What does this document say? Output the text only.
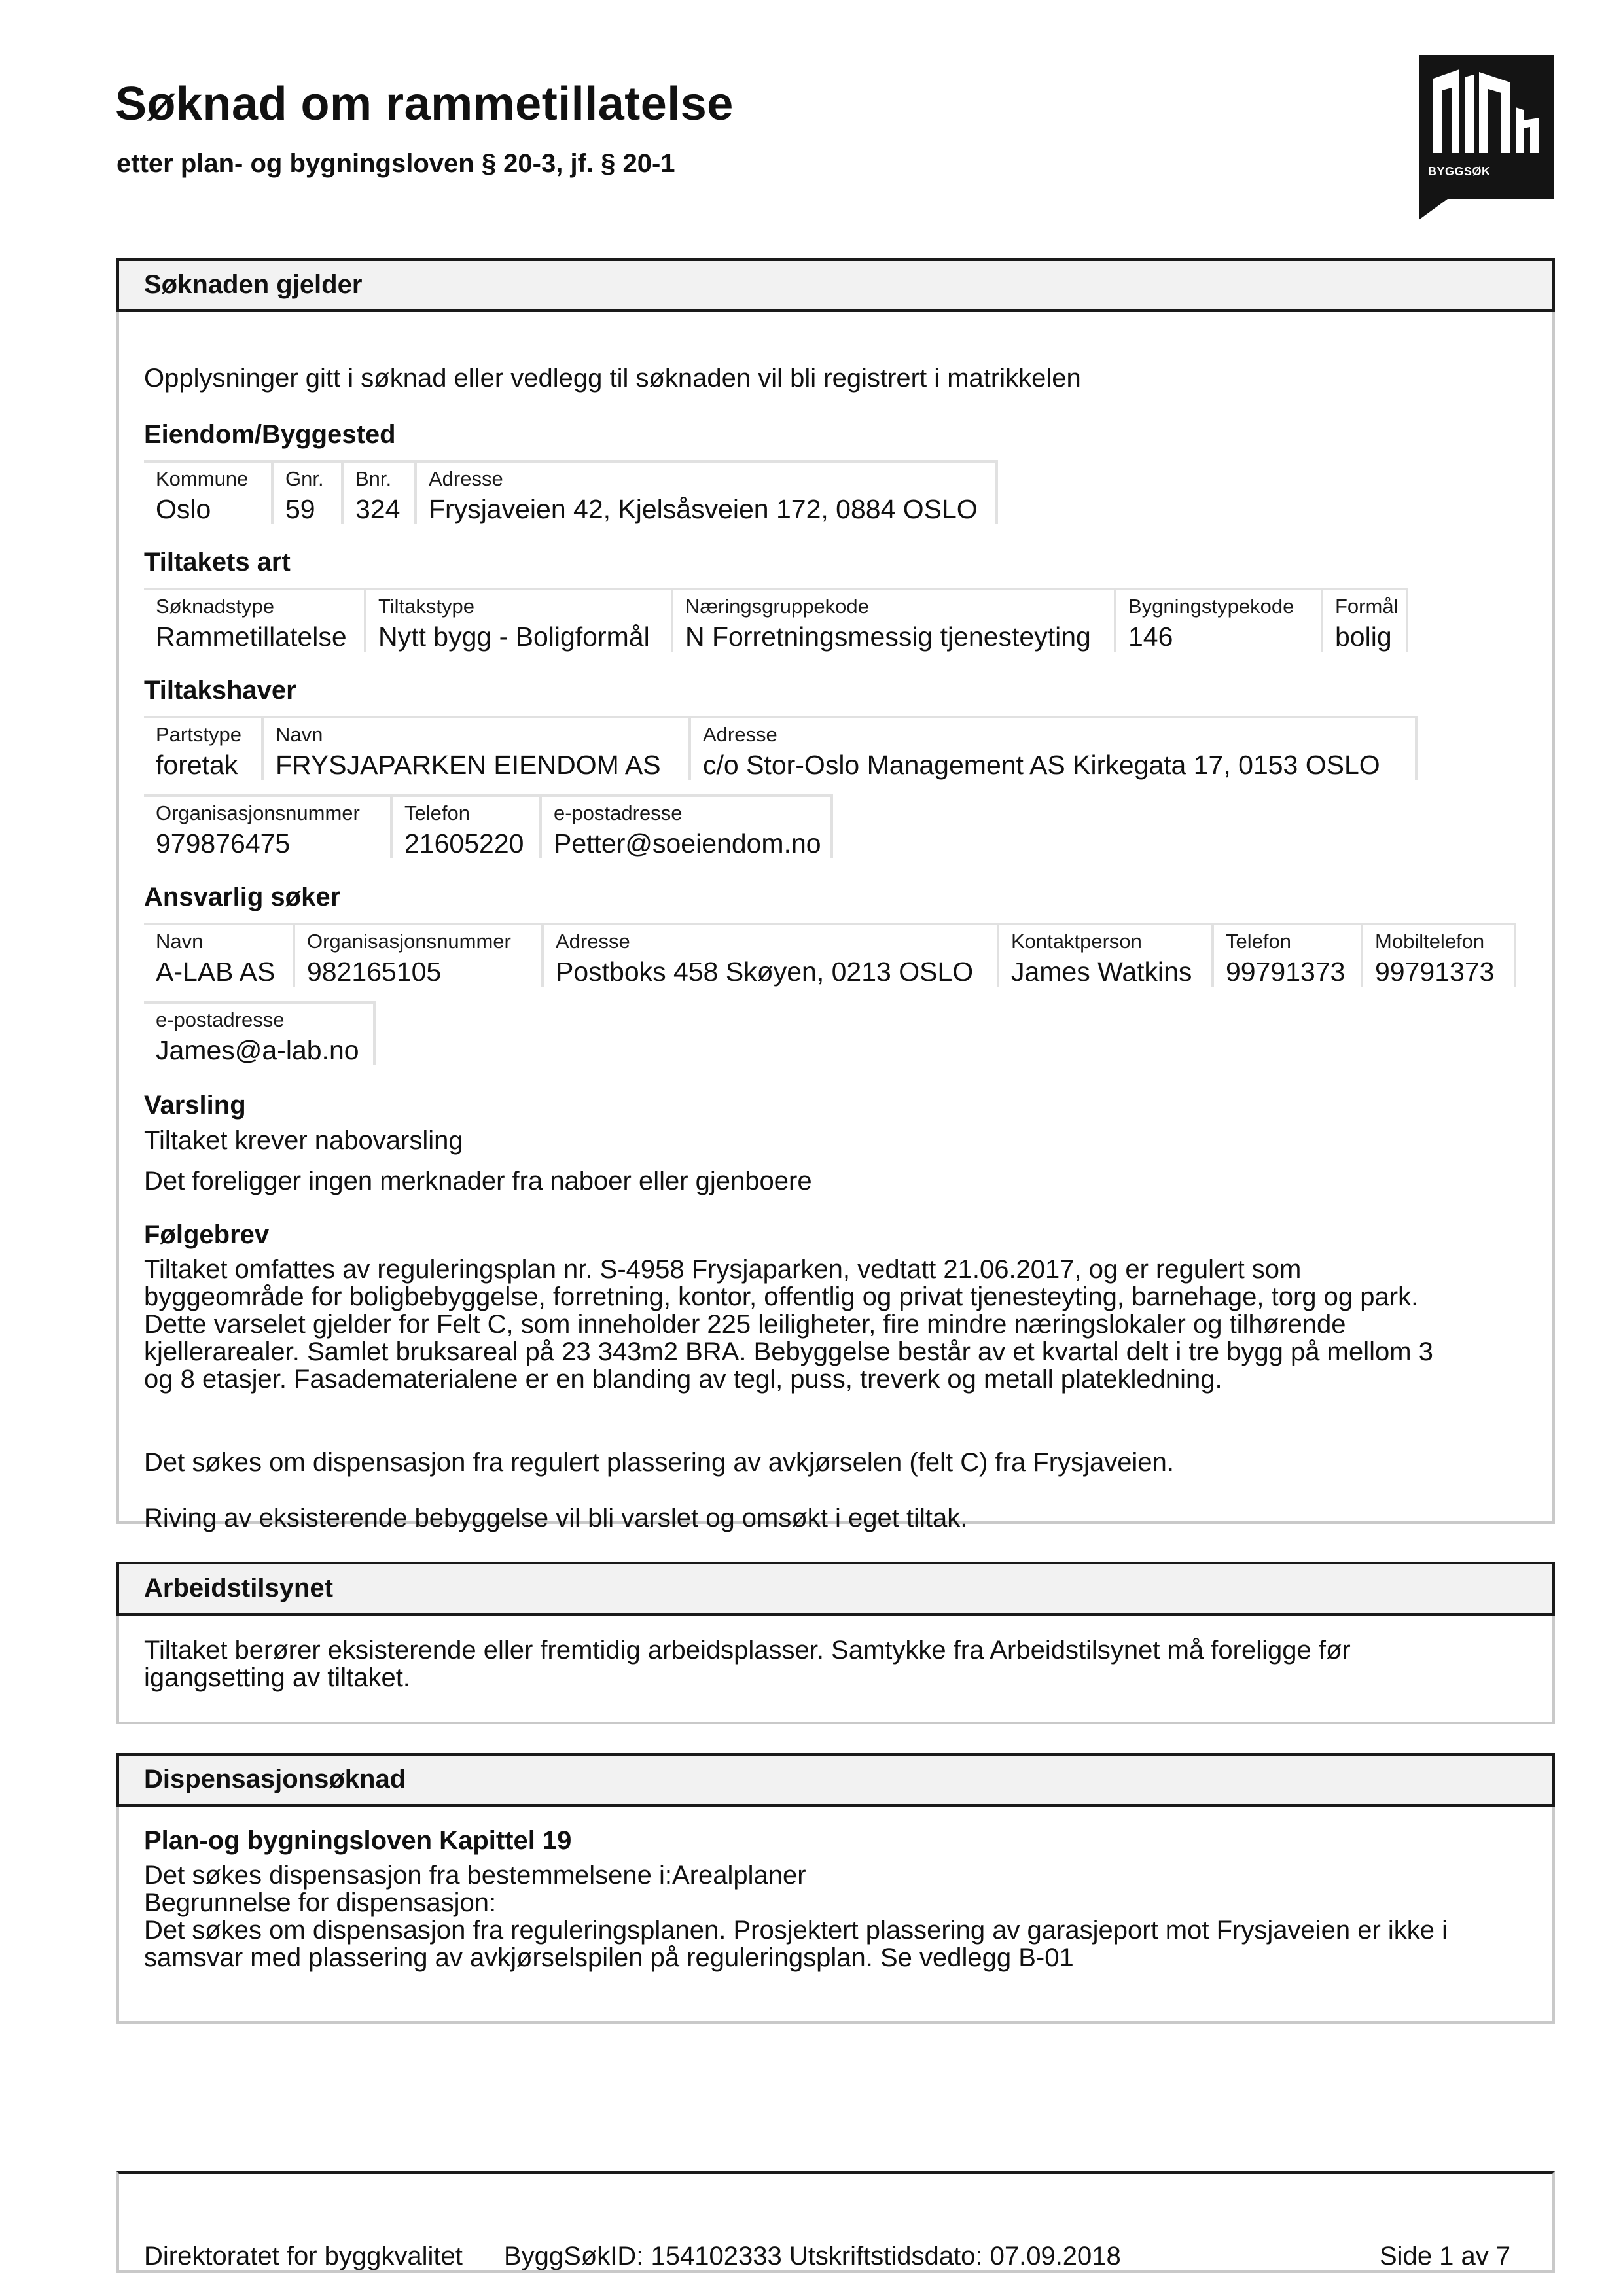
Søknad om rammetillatelse
etter plan- og bygningsloven § 20-3, jf. § 20-1	BYGGSØK
Søknaden gjelder
Opplysninger gitt i søknad eller vedlegg til søknaden vil bli registrert i matrikkelen
Eiendom/Byggested
Kommune
Oslo
Gnr.
59
Bnr.
324
Adresse
Frysjaveien 42, Kjelsåsveien 172, 0884 OSLO
Tiltakets art
Søknadstype
Rammetillatelse
Tiltakstype
Nytt bygg - Boligformål
Næringsgruppekode
N Forretningsmessig tjenesteyting
Bygningstypekode
146
Formål
bolig
Tiltakshaver
Partstype
foretak
Navn
FRYSJAPARKEN EIENDOM AS
Adresse
c/o Stor-Oslo Management AS Kirkegata 17, 0153 OSLO
Organisasjonsnummer
979876475
Telefon
21605220
e-postadresse
Petter@soeiendom.no
Ansvarlig søker
Navn
A-LAB AS
Organisasjonsnummer
982165105
Adresse
Postboks 458 Skøyen, 0213 OSLO
Kontaktperson
James Watkins
Telefon
99791373
Mobiltelefon
99791373
e-postadresse
James@a-lab.no
Varsling
Tiltaket krever nabovarsling
Det foreligger ingen merknader fra naboer eller gjenboere
Følgebrev
Tiltaket omfattes av reguleringsplan nr. S-4958 Frysjaparken, vedtatt 21.06.2017, og er regulert som
byggeområde for boligbebyggelse, forretning, kontor, offentlig og privat tjenesteyting, barnehage, torg og park.
Dette varselet gjelder for Felt C, som inneholder 225 leiligheter, fire mindre næringslokaler og tilhørende
kjellerarealer. Samlet bruksareal på 23 343m2 BRA. Bebyggelse består av et kvartal delt i tre bygg på mellom 3
og 8 etasjer. Fasadematerialene er en blanding av tegl, puss, treverk og metall platekledning.
Det søkes om dispensasjon fra regulert plassering av avkjørselen (felt C) fra Frysjaveien.
Riving av eksisterende bebyggelse vil bli varslet og omsøkt i eget tiltak.
Arbeidstilsynet
Tiltaket berører eksisterende eller fremtidig arbeidsplasser. Samtykke fra Arbeidstilsynet må foreligge før
igangsetting av tiltaket.
Dispensasjonsøknad
Plan-og bygningsloven Kapittel 19
Det søkes dispensasjon fra bestemmelsene i:Arealplaner
Begrunnelse for dispensasjon:
Det søkes om dispensasjon fra reguleringsplanen. Prosjektert plassering av garasjeport mot Frysjaveien er ikke i
samsvar med plassering av avkjørselspilen på reguleringsplan. Se vedlegg B-01
Direktoratet for byggkvalitet ByggSøkID: 154102333 Utskriftstidsdato: 07.09.2018	Side 1 av 7
